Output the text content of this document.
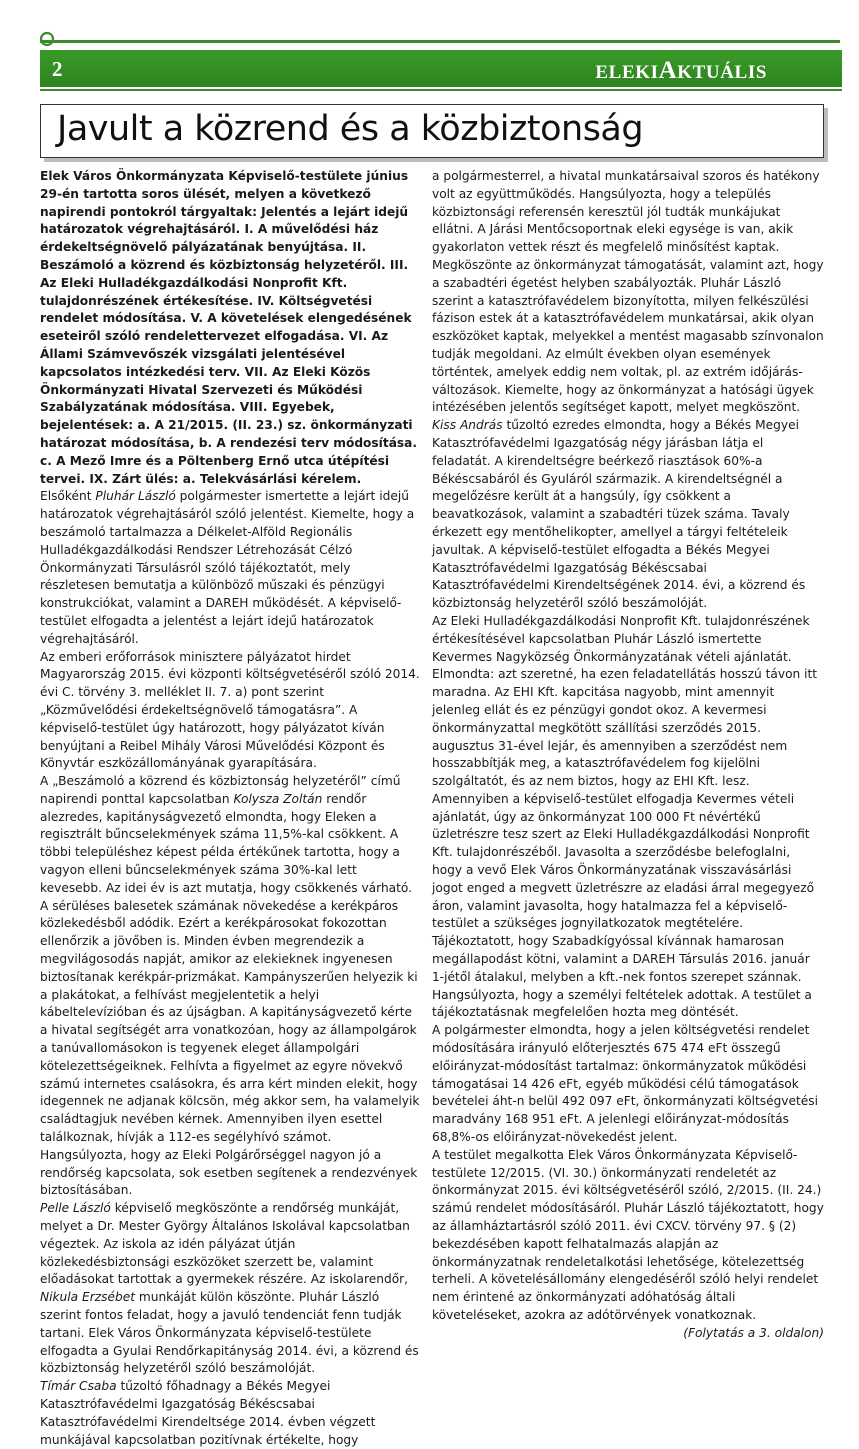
2	ELEKIAKTUÁLIS
Javult a közrend és a közbiztonság

Elek Város Önkormányzata Képviselő-testülete június 29-én tartotta soros ülését, melyen a következő napirendi pontokról tárgyaltak: Jelentés a lejárt idejű határozatok végrehajtásáról. I. A művelődési ház érdekeltségnövelő pályázatának benyújtása. II. Beszámoló a közrend és közbiztonság helyzetéről. III. Az Eleki Hulladékgazdálkodási Nonprofit Kft. tulajdonrészének értékesítése. IV. Költségvetési rendelet módosítása. V. A követelések elengedésének eseteiről szóló rendelettervezet elfogadása. VI. Az Állami Számvevőszék vizsgálati jelentésével kapcsolatos intézkedési terv. VII. Az Eleki Közös Önkormányzati Hivatal Szervezeti és Működési Szabályzatának módosítása. VIII. Egyebek, bejelentések: a. A 21/2015. (II. 23.) sz. önkormányzati határozat módosítása, b. A rendezési terv módosítása. c. A Mező Imre és a Pöltenberg Ernő utca útépítési tervei. IX. Zárt ülés: a. Telekvásárlási kérelem.

Elsőként Pluhár László polgármester ismertette a lejárt idejű határozatok végrehajtásáról szóló jelentést. Kiemelte, hogy a beszámoló tartalmazza a Délkelet-Alföld Regionális Hulladékgazdálkodási Rendszer Létrehozását Célzó Önkormányzati Társulásról szóló tájékoztatót, mely részletesen bemutatja a különböző műszaki és pénzügyi konstrukciókat, valamint a DAREH működését. A képviselő-testület elfogadta a jelentést a lejárt idejű határozatok végrehajtásáról.

Az emberi erőforrások minisztere pályázatot hirdet Magyarország 2015. évi központi költségvetéséről szóló 2014. évi C. törvény 3. melléklet II. 7. a) pont szerint „Közművelődési érdekeltségnövelő támogatásra”. A képviselő-testület úgy határozott, hogy pályázatot kíván benyújtani a Reibel Mihály Városi Művelődési Központ és Könyvtár eszközállományának gyarapítására.

A „Beszámoló a közrend és közbiztonság helyzetéről” című napirendi ponttal kapcsolatban Kolysza Zoltán rendőr alezredes, kapitányságvezető elmondta, hogy Eleken a regisztrált bűncselekmények száma 11,5%-kal csökkent. A többi településhez képest példa értékűnek tartotta, hogy a vagyon elleni bűncselekmények száma 30%-kal lett kevesebb. Az idei év is azt mutatja, hogy csökkenés várható. A sérüléses balesetek számának növekedése a kerékpáros közlekedésből adódik. Ezért a kerékpárosokat fokozottan ellenőrzik a jövőben is. Minden évben megrendezik a megvilágosodás napját, amikor az elekieknek ingyenesen biztosítanak kerékpár-prizmákat. Kampányszerűen helyezik ki a plakátokat, a felhívást megjelentetik a helyi kábeltelevízióban és az újságban. A kapitányságvezető kérte a hivatal segítségét arra vonatkozóan, hogy az állampolgárok a tanúvallomásokon is tegyenek eleget állampolgári kötelezettségeiknek. Felhívta a figyelmet az egyre növekvő számú internetes csalásokra, és arra kért minden elekit, hogy idegennek ne adjanak kölcsön, még akkor sem, ha valamelyik családtagjuk nevében kérnek. Amennyiben ilyen esettel találkoznak, hívják a 112-es segélyhívó számot. Hangsúlyozta, hogy az Eleki Polgárőrséggel nagyon jó a rendőrség kapcsolata, sok esetben segítenek a rendezvények biztosításában.

Pelle László képviselő megköszönte a rendőrség munkáját, melyet a Dr. Mester György Általános Iskolával kapcsolatban végeztek. Az iskola az idén pályázat útján közlekedésbiztonsági eszközöket szerzett be, valamint előadásokat tartottak a gyermekek részére. Az iskolarendőr, Nikula Erzsébet munkáját külön köszönte. Pluhár László szerint fontos feladat, hogy a javuló tendenciát fenn tudják tartani. Elek Város Önkormányzata képviselő-testülete elfogadta a Gyulai Rendőrkapitányság 2014. évi, a közrend és közbiztonság helyzetéről szóló beszámolóját.

Tímár Csaba tűzoltó főhadnagy a Békés Megyei Katasztrófavédelmi Igazgatóság Békéscsabai Katasztrófavédelmi Kirendeltsége 2014. évben végzett munkájával kapcsolatban pozitívnak értékelte, hogy

a polgármesterrel, a hivatal munkatársaival szoros és hatékony volt az együttműködés. Hangsúlyozta, hogy a település közbiztonsági referensén keresztül jól tudták munkájukat ellátni. A Járási Mentőcsoportnak eleki egysége is van, akik gyakorlaton vettek részt és megfelelő minősítést kaptak. Megköszönte az önkormányzat támogatását, valamint azt, hogy a szabadtéri égetést helyben szabályozták. Pluhár László szerint a katasztrófavédelem bizonyította, milyen felkészülési fázison estek át a katasztrófavédelem munkatársai, akik olyan eszközöket kaptak, melyekkel a mentést magasabb színvonalon tudják megoldani. Az elmúlt években olyan események történtek, amelyek eddig nem voltak, pl. az extrém időjárás-változások. Kiemelte, hogy az önkormányzat a hatósági ügyek intézésében jelentős segítséget kapott, melyet megköszönt.

Kiss András tűzoltó ezredes elmondta, hogy a Békés Megyei Katasztrófavédelmi Igazgatóság négy járásban látja el feladatát. A kirendeltségre beérkező riasztások 60%-a Békéscsabáról és Gyuláról származik. A kirendeltségnél a megelőzésre került át a hangsúly, így csökkent a beavatkozások, valamint a szabadtéri tüzek száma. Tavaly érkezett egy mentőhelikopter, amellyel a tárgyi feltételeik javultak. A képviselő-testület elfogadta a Békés Megyei Katasztrófavédelmi Igazgatóság Békéscsabai Katasztrófavédelmi Kirendeltségének 2014. évi, a közrend és közbiztonság helyzetéről szóló beszámolóját.

Az Eleki Hulladékgazdálkodási Nonprofit Kft. tulajdonrészének értékesítésével kapcsolatban Pluhár László ismertette Kevermes Nagyközség Önkormányzatának vételi ajánlatát. Elmondta: azt szeretné, ha ezen feladatellátás hosszú távon itt maradna. Az EHI Kft. kapcitása nagyobb, mint amennyit jelenleg ellát és ez pénzügyi gondot okoz. A kevermesi önkormányzattal megkötött szállítási szerződés 2015. augusztus 31-ével lejár, és amennyiben a szerződést nem hosszabbítják meg, a katasztrófavédelem fog kijelölni szolgáltatót, és az nem biztos, hogy az EHI Kft. lesz. Amennyiben a képviselő-testület elfogadja Kevermes vételi ajánlatát, úgy az önkormányzat 100 000 Ft névértékű üzletrészre tesz szert az Eleki Hulladékgazdálkodási Nonprofit Kft. tulajdonrészéből. Javasolta a szerződésbe belefoglalni, hogy a vevő Elek Város Önkormányzatának visszavásárlási jogot enged a megvett üzletrészre az eladási árral megegyező áron, valamint javasolta, hogy hatalmazza fel a képviselő-testület a szükséges jognyilatkozatok megtételére. Tájékoztatott, hogy Szabadkígyóssal kívánnak hamarosan megállapodást kötni, valamint a DAREH Társulás 2016. január 1-jétől átalakul, melyben a kft.-nek fontos szerepet szánnak. Hangsúlyozta, hogy a személyi feltételek adottak. A testület a tájékoztatásnak megfelelően hozta meg döntését.

A polgármester elmondta, hogy a jelen költségvetési rendelet módosítására irányuló előterjesztés 675 474 eFt összegű előirányzat-módosítást tartalmaz: önkormányzatok működési támogatásai 14 426 eFt, egyéb működési célú támogatások bevételei áht-n belül 492 097 eFt, önkormányzati költségvetési maradvány 168 951 eFt. A jelenlegi előirányzat-módosítás 68,8%-os előirányzat-növekedést jelent.

A testület megalkotta Elek Város Önkormányzata Képviselő-testülete 12/2015. (VI. 30.) önkormányzati rendeletét az önkormányzat 2015. évi költségvetéséről szóló, 2/2015. (II. 24.) számú rendelet módosításáról. Pluhár László tájékoztatott, hogy az államháztartásról szóló 2011. évi CXCV. törvény 97. § (2) bekezdésében kapott felhatalmazás alapján az önkormányzatnak rendeletalkotási lehetősége, kötelezettség terheli. A követelésállomány elengedéséről szóló helyi rendelet nem érintené az önkormányzati adóhatóság általi követeléseket, azokra az adótörvények vonatkoznak.

(Folytatás a 3. oldalon)
